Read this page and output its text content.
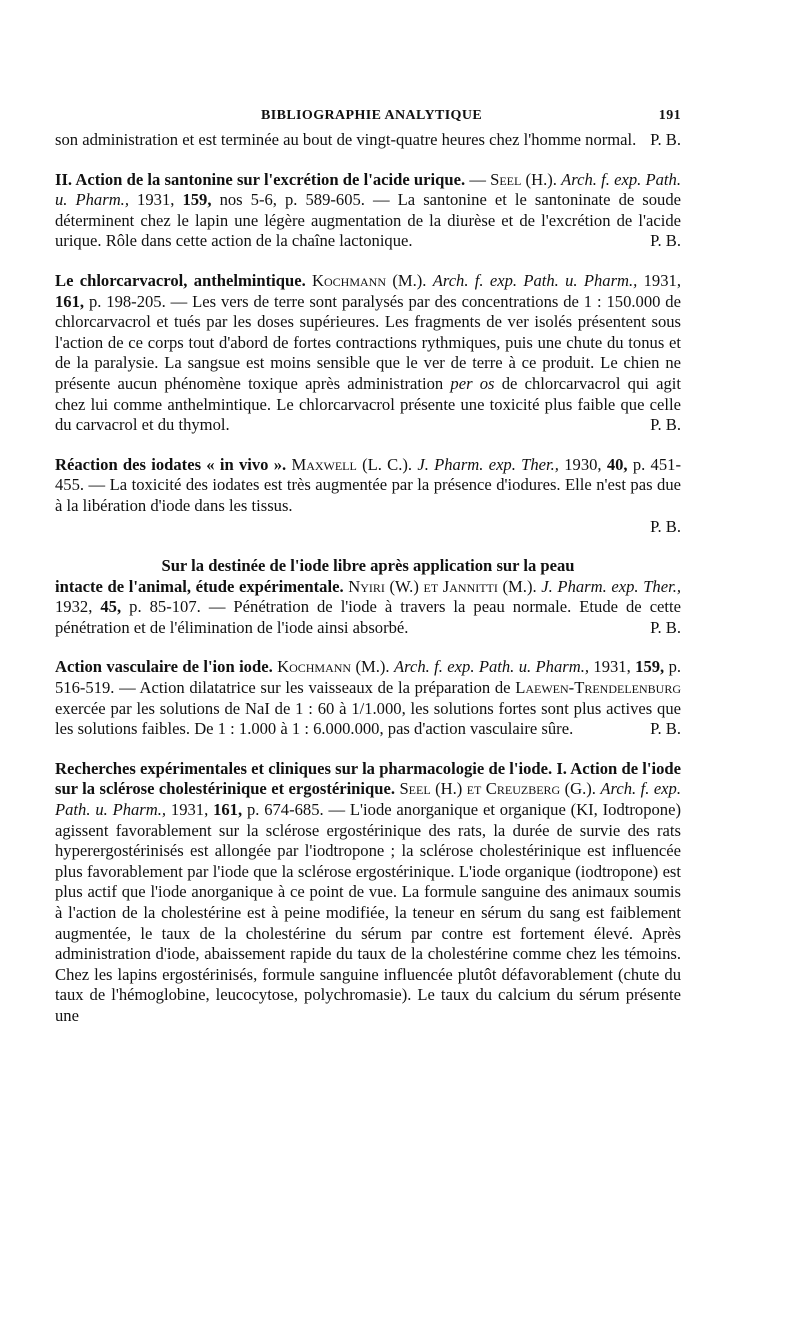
BIBLIOGRAPHIE ANALYTIQUE	191

son administration et est terminée au bout de vingt-quatre heures chez l'homme normal. P. B.

II. Action de la santonine sur l'excrétion de l'acide urique. — Seel (H.). Arch. f. exp. Path. u. Pharm., 1931, 159, nos 5-6, p. 589-605. — La santonine et le santoninate de soude déterminent chez le lapin une légère augmentation de la diurèse et de l'excrétion de l'acide urique. Rôle dans cette action de la chaîne lactonique.	P. B.

Le chlorcarvacrol, anthelmintique. Kochmann (M.). Arch. f. exp. Path. u. Pharm., 1931, 161, p. 198-205. — Les vers de terre sont paralysés par des concentrations de 1 : 150.000 de chlorcarvacrol et tués par les doses supérieures. Les fragments de ver isolés présentent sous l'action de ce corps tout d'abord de fortes contractions rythmiques, puis une chute du tonus et de la paralysie. La sangsue est moins sensible que le ver de terre à ce produit. Le chien ne présente aucun phénomène toxique après administration per os de chlorcarvacrol qui agit chez lui comme anthelmintique. Le chlorcarvacrol présente une toxicité plus faible que celle du carvacrol et du thymol.	P. B.

Réaction des iodates « in vivo ». Maxwell (L. C.). J. Pharm. exp. Ther., 1930, 40, p. 451-455. — La toxicité des iodates est très augmentée par la présence d'iodures. Elle n'est pas due à la libération d'iode dans les tissus.

P. B.

Sur la destinée de l'iode libre après application sur la peau
intacte de l'animal, étude expérimentale. Nyiri (W.) et Jannitti (M.). J. Pharm. exp. Ther., 1932, 45, p. 85-107. — Pénétration de l'iode à travers la peau normale. Etude de cette pénétration et de l'élimination de l'iode ainsi absorbé.	P. B.

Action vasculaire de l'ion iode. Kochmann (M.). Arch. f. exp. Path. u. Pharm., 1931, 159, p. 516-519. — Action dilatatrice sur les vaisseaux de la préparation de Laewen-Trendelenburg exercée par les solutions de NaI de 1 : 60 à 1/1.000, les solutions fortes sont plus actives que les solutions faibles. De 1 : 1.000 à 1 : 6.000.000, pas d'action vasculaire sûre.	P. B.

Recherches expérimentales et cliniques sur la pharmacologie de l'iode. I. Action de l'iode sur la sclérose cholestérinique et ergostérinique. Seel (H.) et Creuzberg (G.). Arch. f. exp. Path. u. Pharm., 1931, 161, p. 674-685. — L'iode anorganique et organique (KI, Iodtropone) agissent favorablement sur la sclérose ergostérinique des rats, la durée de survie des rats hyperergostérinisés est allongée par l'iodtropone ; la sclérose cholestérinique est influencée plus favorablement par l'iode que la sclérose ergostérinique. L'iode organique (iodtropone) est plus actif que l'iode anorganique à ce point de vue. La formule sanguine des animaux soumis à l'action de la cholestérine est à peine modifiée, la teneur en sérum du sang est faiblement augmentée, le taux de la cholestérine du sérum par contre est fortement élevé. Après administration d'iode, abaissement rapide du taux de la cholestérine comme chez les témoins. Chez les lapins ergostérinisés, formule sanguine influencée plutôt défavorablement (chute du taux de l'hémoglobine, leucocytose, polychromasie). Le taux du calcium du sérum présente une
